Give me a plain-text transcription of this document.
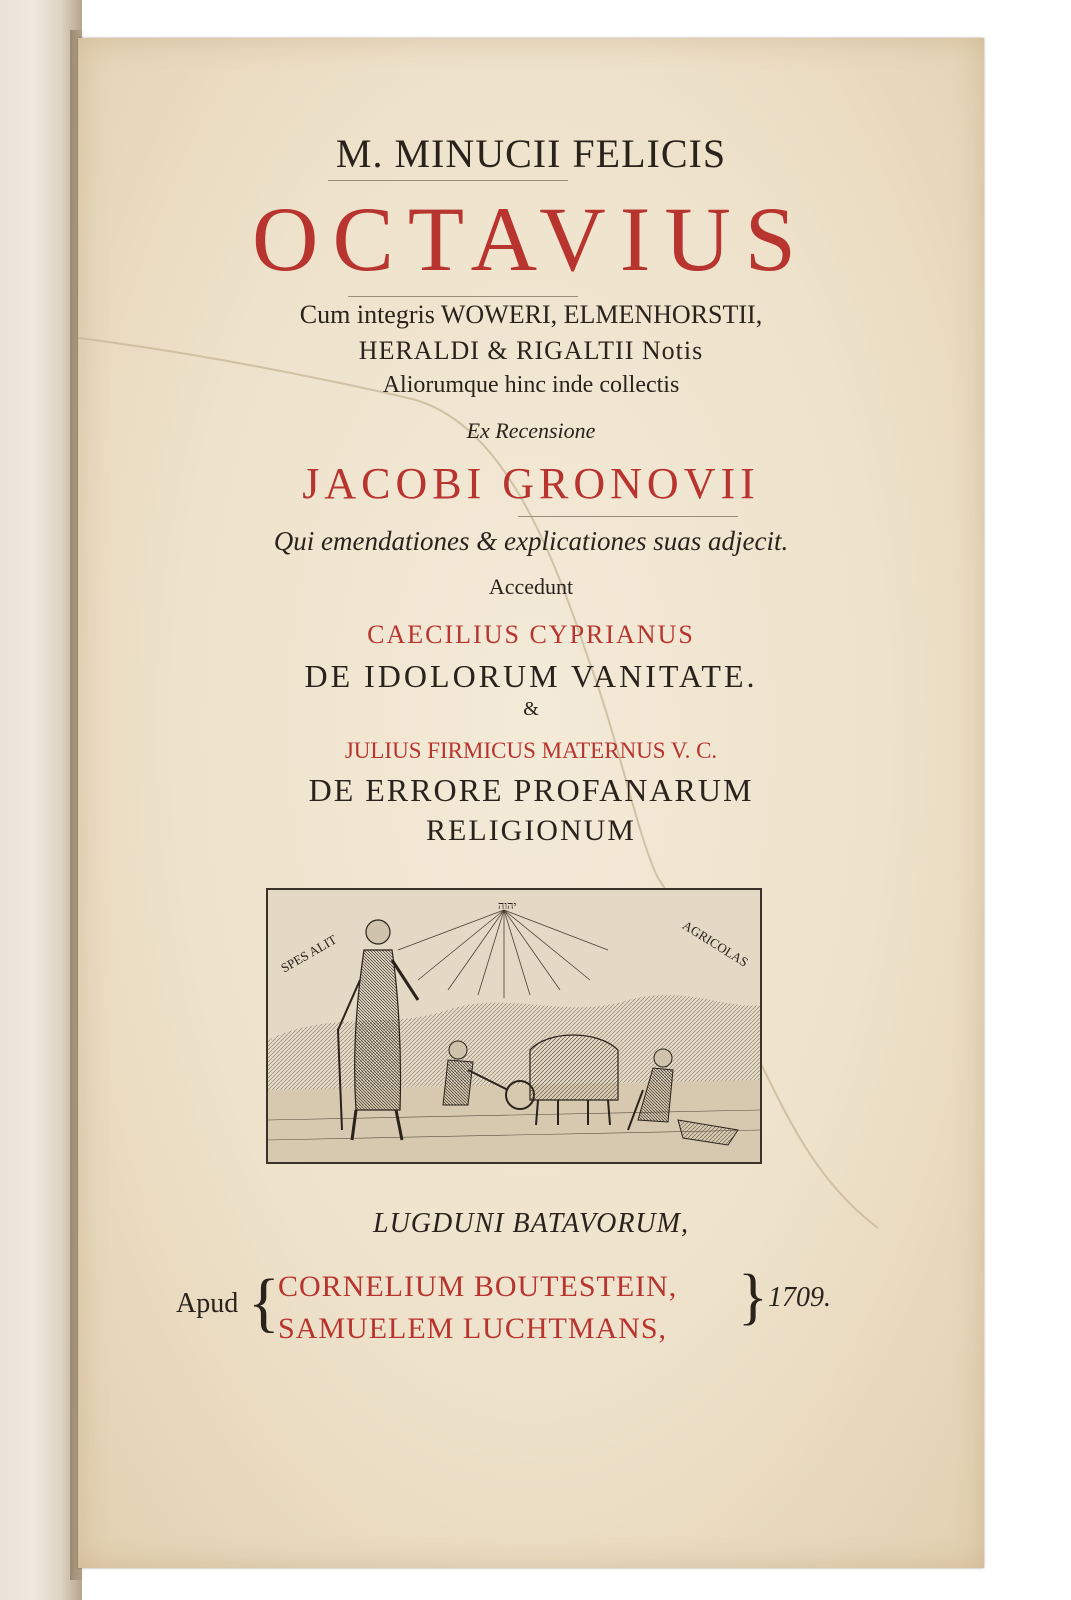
M. MINUCII FELICIS
OCTAVIUS
Cum integris WOWERI, ELMENHORSTII,
HERALDI & RIGALTII Notis
Aliorumque hinc inde collectis
Ex Recensione
JACOBI GRONOVII
Qui emendationes & explicationes suas adjecit.
Accedunt
CAECILIUS CYPRIANUS
DE IDOLORUM VANITATE.
&
JULIUS FIRMICUS MATERNUS V. C.
DE ERRORE PROFANARUM
RELIGIONUM
SPES ALIT	AGRICOLAS
יהוה
LUGDUNI BATAVORUM,
Apud {
CORNELIUM BOUTESTEIN,
SAMUELEM LUCHTMANS, } 1709.
